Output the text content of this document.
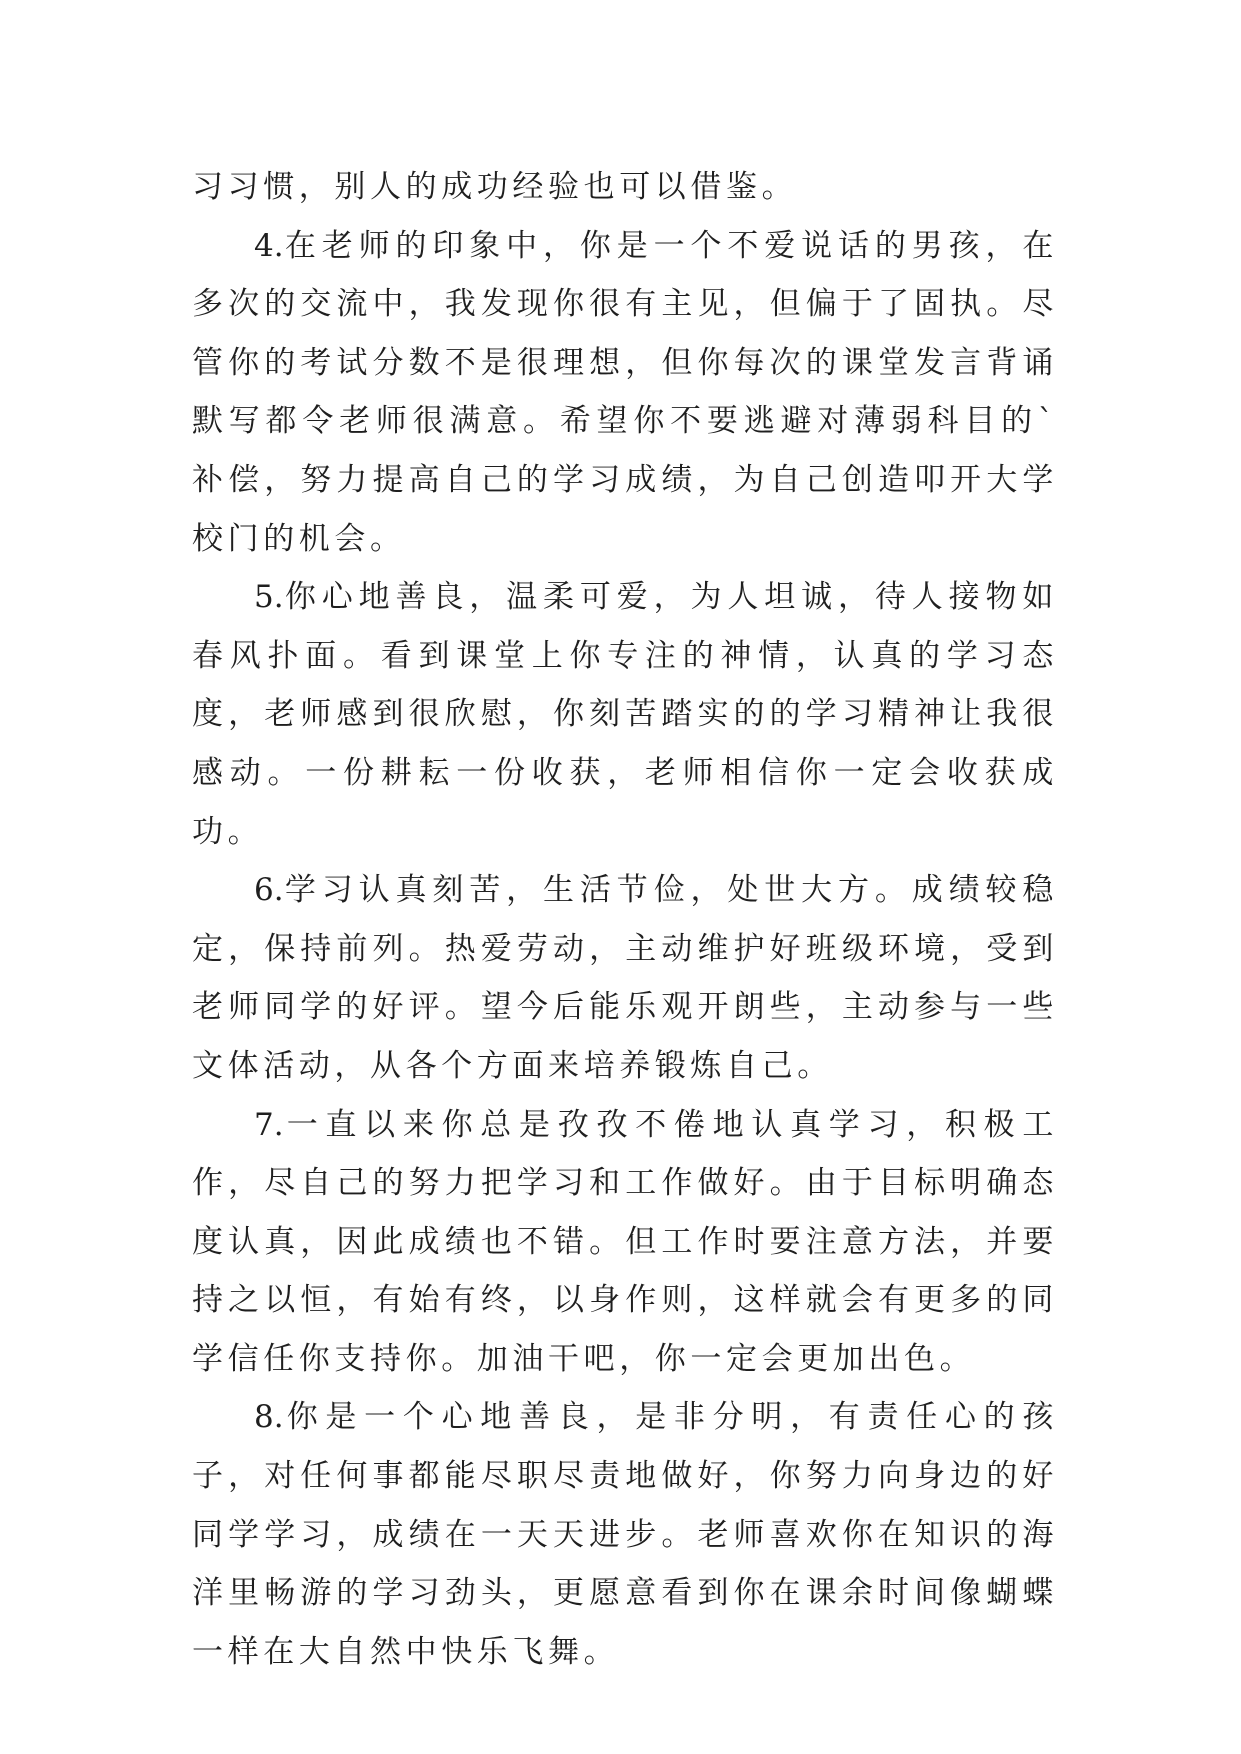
习习惯，别人的成功经验也可以借鉴。

4.在老师的印象中，你是一个不爱说话的男孩，在多次的交流中，我发现你很有主见，但偏于了固执。尽管你的考试分数不是很理想，但你每次的课堂发言背诵默写都令老师很满意。希望你不要逃避对薄弱科目的`补偿，努力提高自己的学习成绩，为自己创造叩开大学校门的机会。

5.你心地善良，温柔可爱，为人坦诚，待人接物如春风扑面。看到课堂上你专注的神情，认真的学习态度，老师感到很欣慰，你刻苦踏实的的学习精神让我很感动。一份耕耘一份收获，老师相信你一定会收获成功。

6.学习认真刻苦，生活节俭，处世大方。成绩较稳定，保持前列。热爱劳动，主动维护好班级环境，受到老师同学的好评。望今后能乐观开朗些，主动参与一些文体活动，从各个方面来培养锻炼自己。

7.一直以来你总是孜孜不倦地认真学习，积极工作，尽自己的努力把学习和工作做好。由于目标明确态度认真，因此成绩也不错。但工作时要注意方法，并要持之以恒，有始有终，以身作则，这样就会有更多的同学信任你支持你。加油干吧，你一定会更加出色。

8.你是一个心地善良，是非分明，有责任心的孩子，对任何事都能尽职尽责地做好，你努力向身边的好同学学习，成绩在一天天进步。老师喜欢你在知识的海洋里畅游的学习劲头，更愿意看到你在课余时间像蝴蝶一样在大自然中快乐飞舞。
